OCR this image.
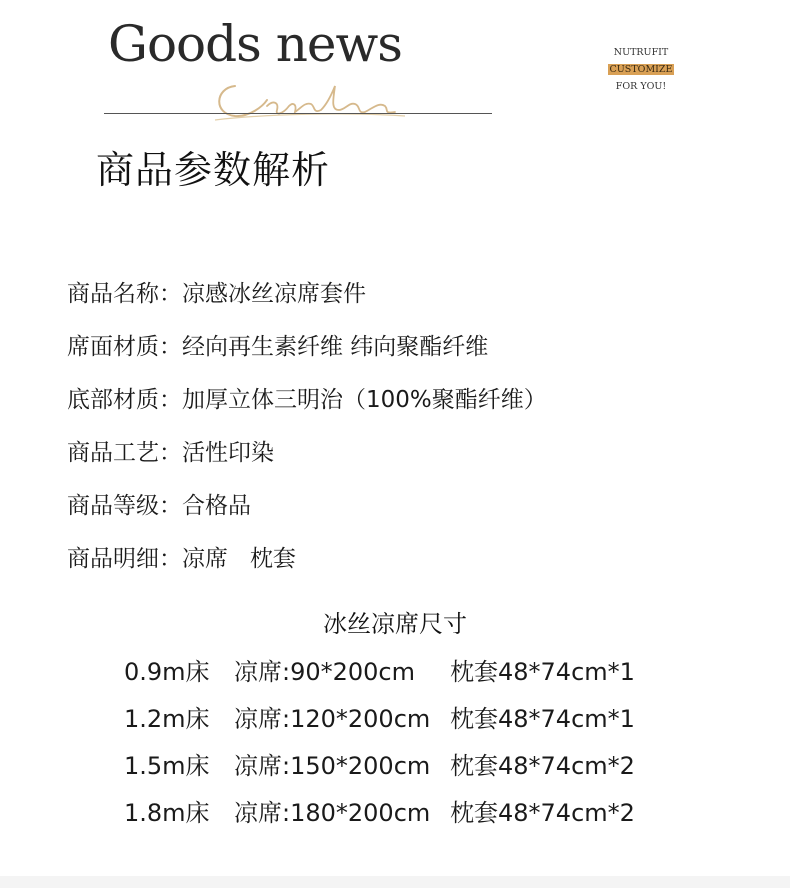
Goods news	NUTRUFIT
CUSTOMIZE
FOR YOU!
商品参数解析
商品名称：凉感冰丝凉席套件
席面材质：经向再生素纤维 纬向聚酯纤维
底部材质：加厚立体三明治（100%聚酯纤维）
商品工艺：活性印染
商品等级：合格品
商品明细：凉席   枕套
冰丝凉席尺寸
0.9m床 凉席:90*200cm 枕套48*74cm*1
1.2m床 凉席:120*200cm 枕套48*74cm*1
1.5m床 凉席:150*200cm 枕套48*74cm*2
1.8m床 凉席:180*200cm 枕套48*74cm*2
